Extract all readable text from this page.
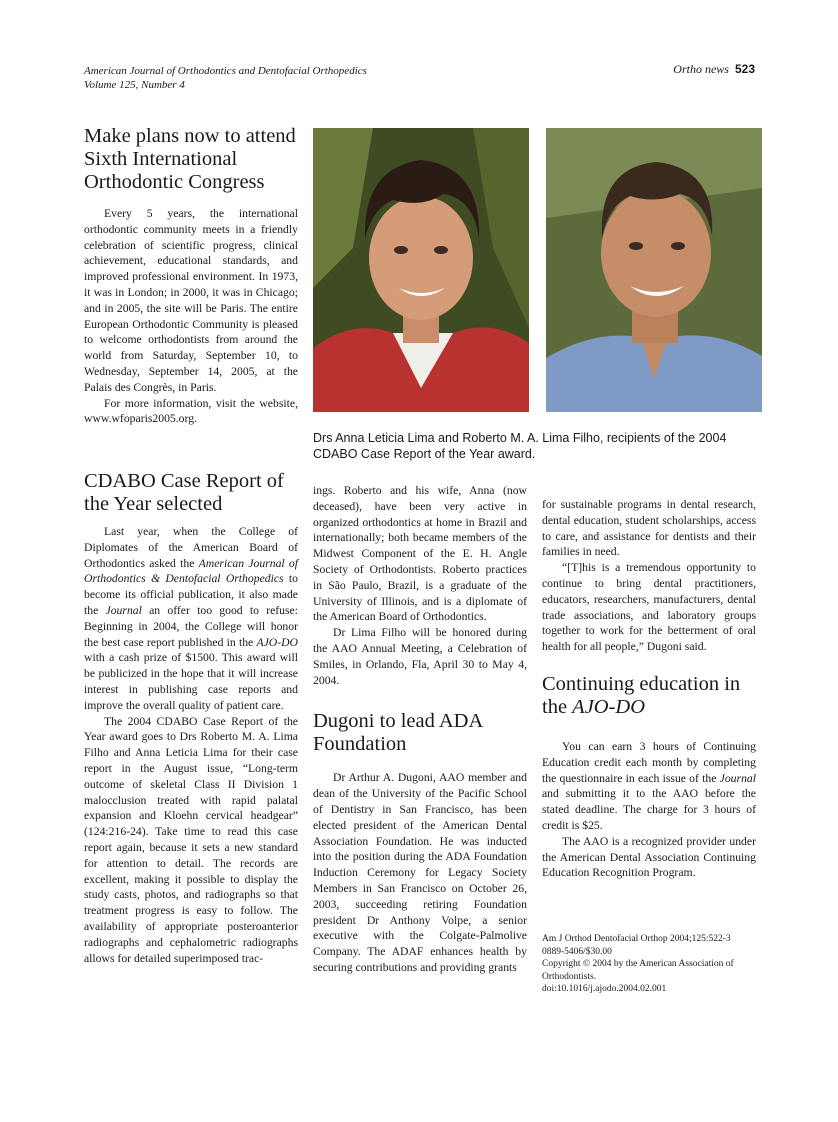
American Journal of Orthodontics and Dentofacial Orthopedics
Volume 125, Number 4
Ortho news 523
Make plans now to attend Sixth International Orthodontic Congress

Every 5 years, the international orthodontic community meets in a friendly celebration of scientific progress, clinical achievement, educational standards, and improved professional environment. In 1973, it was in London; in 2000, it was in Chicago; and in 2005, the site will be Paris. The entire European Orthodontic Community is pleased to welcome orthodontists from around the world from Saturday, September 10, to Wednesday, September 14, 2005, at the Palais des Congrès, in Paris.

For more information, visit the website, www.wfoparis2005.org.

Drs Anna Leticia Lima and Roberto M. A. Lima Filho, recipients of the 2004 CDABO Case Report of the Year award.
CDABO Case Report of the Year selected

Last year, when the College of Diplomates of the American Board of Orthodontics asked the American Journal of Orthodontics & Dentofacial Orthopedics to become its official publication, it also made the Journal an offer too good to refuse: Beginning in 2004, the College will honor the best case report published in the AJO-DO with a cash prize of $1500. This award will be publicized in the hope that it will increase interest in publishing case reports and improve the overall quality of patient care.

The 2004 CDABO Case Report of the Year award goes to Drs Roberto M. A. Lima Filho and Anna Leticia Lima for their case report in the August issue, “Long-term outcome of skeletal Class II Division 1 malocclusion treated with rapid palatal expansion and Kloehn cervical headgear” (124:216-24). Take time to read this case report again, because it sets a new standard for attention to detail. The records are excellent, making it possible to display the study casts, photos, and radiographs so that treatment progress is easy to follow. The availability of appropriate posteroanterior radiographs and cephalometric radiographs allows for detailed superimposed trac-

ings. Roberto and his wife, Anna (now deceased), have been very active in organized orthodontics at home in Brazil and internationally; both became members of the Midwest Component of the E. H. Angle Society of Orthodontists. Roberto practices in São Paulo, Brazil, is a graduate of the University of Illinois, and is a diplomate of the American Board of Orthodontics.

Dr Lima Filho will be honored during the AAO Annual Meeting, a Celebration of Smiles, in Orlando, Fla, April 30 to May 4, 2004.

Dugoni to lead ADA Foundation

Dr Arthur A. Dugoni, AAO member and dean of the University of the Pacific School of Dentistry in San Francisco, has been elected president of the American Dental Association Foundation. He was inducted into the position during the ADA Foundation Induction Ceremony for Legacy Society Members in San Francisco on October 26, 2003, succeeding retiring Foundation president Dr Anthony Volpe, a senior executive with the Colgate-Palmolive Company. The ADAF enhances health by securing contributions and providing grants

for sustainable programs in dental research, dental education, student scholarships, access to care, and assistance for dentists and their families in need.

“[T]his is a tremendous opportunity to continue to bring dental practitioners, educators, researchers, manufacturers, dental trade associations, and laboratory groups together to work for the betterment of oral health for all people,” Dugoni said.

Continuing education in the AJO-DO

You can earn 3 hours of Continuing Education credit each month by completing the questionnaire in each issue of the Journal and submitting it to the AAO before the stated deadline. The charge for 3 hours of credit is $25.

The AAO is a recognized provider under the American Dental Association Continuing Education Recognition Program.

Am J Orthod Dentofacial Orthop 2004;125:522-3

0889-5406/$30.00

Copyright © 2004 by the American Association of Orthodontists.

doi:10.1016/j.ajodo.2004.02.001
